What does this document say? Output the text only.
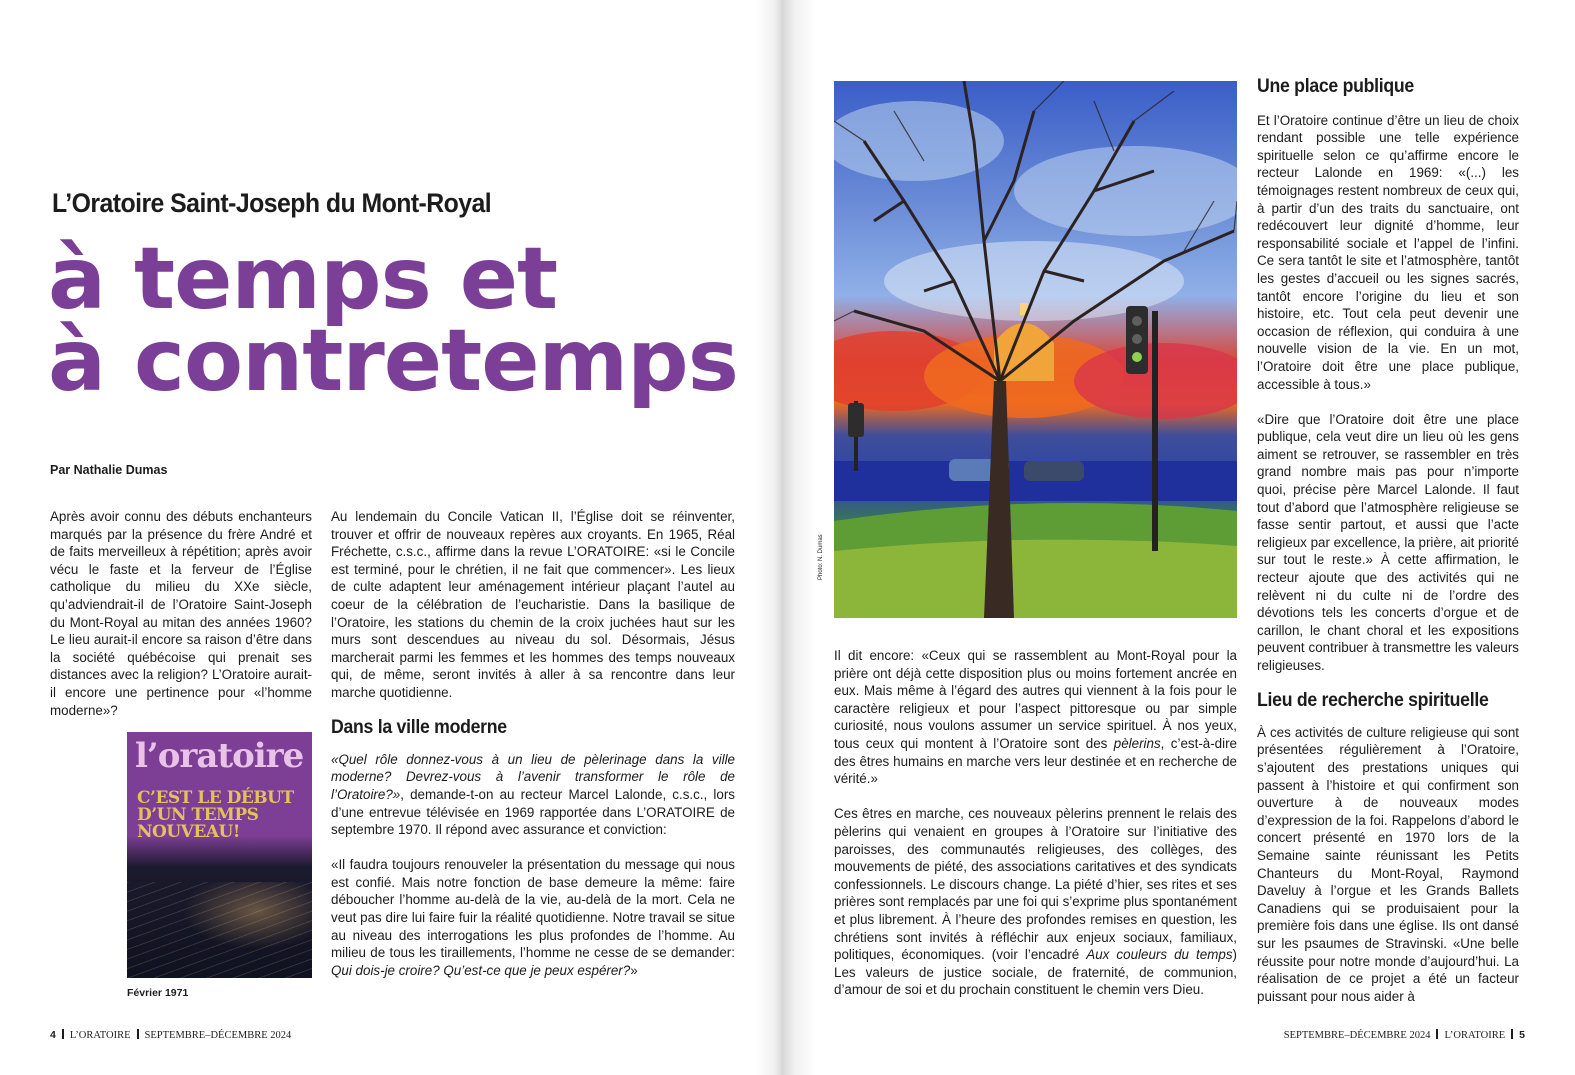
L’Oratoire Saint-Joseph du Mont-Royal
à temps et
à contretemps
Par Nathalie Dumas

Après avoir connu des débuts enchanteurs marqués par la présence du frère André et de faits merveilleux à répétition; après avoir vécu le faste et la ferveur de l’Église catholique du milieu du XXe siècle, qu’adviendrait-il de l’Oratoire Saint-Joseph du Mont-Royal au mitan des années 1960? Le lieu aurait-il encore sa raison d’être dans la société québécoise qui prenait ses distances avec la religion? L’Oratoire aurait-il encore une pertinence pour «l’homme moderne»?

Au lendemain du Concile Vatican II, l’Église doit se réinventer, trouver et offrir de nouveaux repères aux croyants. En 1965, Réal Fréchette, c.s.c., affirme dans la revue L’ORATOIRE: «si le Concile est terminé, pour le chrétien, il ne fait que commencer». Les lieux de culte adaptent leur aménagement intérieur plaçant l’autel au coeur de la célébration de l’eucharistie. Dans la basilique de l’Oratoire, les stations du chemin de la croix juchées haut sur les murs sont descendues au niveau du sol. Désormais, Jésus marcherait parmi les femmes et les hommes des temps nouveaux qui, de même, seront invités à aller à sa rencontre dans leur marche quotidienne.

Dans la ville moderne

«Quel rôle donnez-vous à un lieu de pèlerinage dans la ville moderne? Devrez-vous à l’avenir transformer le rôle de l’Oratoire?», demande-t-on au recteur Marcel Lalonde, c.s.c., lors d’une entrevue télévisée en 1969 rapportée dans L’ORATOIRE de septembre 1970. Il répond avec assurance et conviction:

«Il faudra toujours renouveler la présentation du message qui nous est confié. Mais notre fonction de base demeure la même: faire déboucher l’homme au-delà de la vie, au-delà de la mort. Cela ne veut pas dire lui faire fuir la réalité quotidienne. Notre travail se situe au niveau des interrogations les plus profondes de l’homme. Au milieu de tous les tiraillements, l’homme ne cesse de se demander: Qui dois-je croire? Qu’est-ce que je peux espérer?»

l’oratoire

C’EST LE DÉBUT
D’UN TEMPS
NOUVEAU!
Février 1971
4 L’ORATOIRE SEPTEMBRE–DÉCEMBRE 2024
Photo: N. Dumas

Il dit encore: «Ceux qui se rassemblent au Mont-Royal pour la prière ont déjà cette disposition plus ou moins fortement ancrée en eux. Mais même à l’égard des autres qui viennent à la fois pour le caractère religieux et pour l’aspect pittoresque ou par simple curiosité, nous voulons assumer un service spirituel. À nos yeux, tous ceux qui montent à l’Oratoire sont des pèlerins, c’est-à-dire des êtres humains en marche vers leur destinée et en recherche de vérité.»

Ces êtres en marche, ces nouveaux pèlerins prennent le relais des pèlerins qui venaient en groupes à l’Oratoire sur l’initiative des paroisses, des communautés religieuses, des collèges, des mouvements de piété, des associations caritatives et des syndicats confessionnels. Le discours change. La piété d’hier, ses rites et ses prières sont remplacés par une foi qui s’exprime plus spontanément et plus librement. À l’heure des profondes remises en question, les chrétiens sont invités à réfléchir aux enjeux sociaux, familiaux, politiques, économiques. (voir l’encadré Aux couleurs du temps) Les valeurs de justice sociale, de fraternité, de communion, d’amour de soi et du prochain constituent le chemin vers Dieu.

Une place publique

Et l’Oratoire continue d’être un lieu de choix rendant possible une telle expérience spirituelle selon ce qu’affirme encore le recteur Lalonde en 1969: «(...) les témoignages restent nombreux de ceux qui, à partir d’un des traits du sanctuaire, ont redécouvert leur dignité d’homme, leur responsabilité sociale et l’appel de l’infini. Ce sera tantôt le site et l’atmosphère, tantôt les gestes d’accueil ou les signes sacrés, tantôt encore l’origine du lieu et son histoire, etc. Tout cela peut devenir une occasion de réflexion, qui conduira à une nouvelle vision de la vie. En un mot, l’Oratoire doit être une place publique, accessible à tous.»

«Dire que l’Oratoire doit être une place publique, cela veut dire un lieu où les gens aiment se retrouver, se rassembler en très grand nombre mais pas pour n’importe quoi, précise père Marcel Lalonde. Il faut tout d’abord que l’atmosphère religieuse se fasse sentir partout, et aussi que l’acte religieux par excellence, la prière, ait priorité sur tout le reste.» À cette affirmation, le recteur ajoute que des activités qui ne relèvent ni du culte ni de l’ordre des dévotions tels les concerts d’orgue et de carillon, le chant choral et les expositions peuvent contribuer à transmettre les valeurs religieuses.

Lieu de recherche spirituelle

À ces activités de culture religieuse qui sont présentées régulièrement à l’Oratoire, s’ajoutent des prestations uniques qui passent à l’histoire et qui confirment son ouverture à de nouveaux modes d’expression de la foi. Rappelons d’abord le concert présenté en 1970 lors de la Semaine sainte réunissant les Petits Chanteurs du Mont-Royal, Raymond Daveluy à l’orgue et les Grands Ballets Canadiens qui se produisaient pour la première fois dans une église. Ils ont dansé sur les psaumes de Stravinski. «Une belle réussite pour notre monde d’aujourd’hui. La réalisation de ce projet a été un facteur puissant pour nous aider à

SEPTEMBRE–DÉCEMBRE 2024 L’ORATOIRE 5
